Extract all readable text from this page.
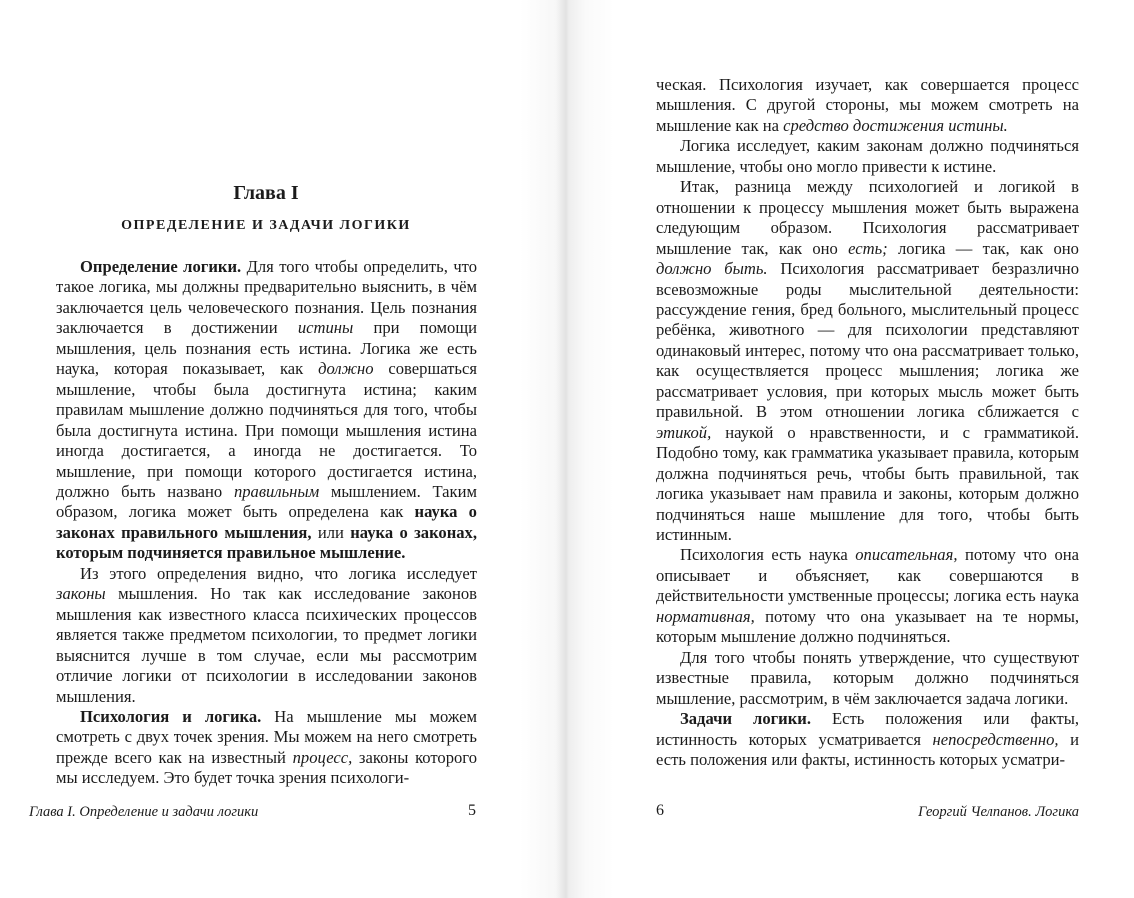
Глава I
ОПРЕДЕЛЕНИЕ И ЗАДАЧИ ЛОГИКИ

Определение логики. Для того чтобы определить, что такое логика, мы должны предварительно выяснить, в чём заключается цель человеческого познания. Цель познания заключается в достижении истины при помощи мышления, цель познания есть истина. Логика же есть наука, которая показывает, как должно совершаться мышление, чтобы была достигнута истина; каким правилам мышление должно подчиняться для того, чтобы была достигнута истина. При помощи мышления истина иногда достигается, а иногда не достигается. То мышление, при помощи которого достигается истина, должно быть названо правильным мышлением. Таким образом, логика может быть определена как наука о законах правильного мышления, или наука о законах, которым подчиняется правильное мышление.

Из этого определения видно, что логика исследует законы мышления. Но так как исследование законов мышления как известного класса психических процессов является также предметом психологии, то предмет логики выяснится лучше в том случае, если мы рассмотрим отличие логики от психологии в исследовании законов мышления.

Психология и логика. На мышление мы можем смотреть с двух точек зрения. Мы можем на него смотреть прежде всего как на известный процесс, законы которого мы исследуем. Это будет точка зрения психологи-

Глава I. Определение и задачи логики	5

ческая. Психология изучает, как совершается процесс мышления. С другой стороны, мы можем смотреть на мышление как на средство достижения истины.

Логика исследует, каким законам должно подчиняться мышление, чтобы оно могло привести к истине.

Итак, разница между психологией и логикой в отношении к процессу мышления может быть выражена следующим образом. Психология рассматривает мышление так, как оно есть; логика — так, как оно должно быть. Психология рассматривает безразлично всевозможные роды мыслительной деятельности: рассуждение гения, бред больного, мыслительный процесс ребёнка, животного — для психологии представляют одинаковый интерес, потому что она рассматривает только, как осуществляется процесс мышления; логика же рассматривает условия, при которых мысль может быть правильной. В этом отношении логика сближается с этикой, наукой о нравственности, и с грамматикой. Подобно тому, как грамматика указывает правила, которым должна подчиняться речь, чтобы быть правильной, так логика указывает нам правила и законы, которым должно подчиняться наше мышление для того, чтобы быть истинным.

Психология есть наука описательная, потому что она описывает и объясняет, как совершаются в действительности умственные процессы; логика есть наука нормативная, потому что она указывает на те нормы, которым мышление должно подчиняться.

Для того чтобы понять утверждение, что существуют известные правила, которым должно подчиняться мышление, рассмотрим, в чём заключается задача логики.

Задачи логики. Есть положения или факты, истинность которых усматривается непосредственно, и есть положения или факты, истинность которых усматри-

6	Георгий Челпанов. Логика
